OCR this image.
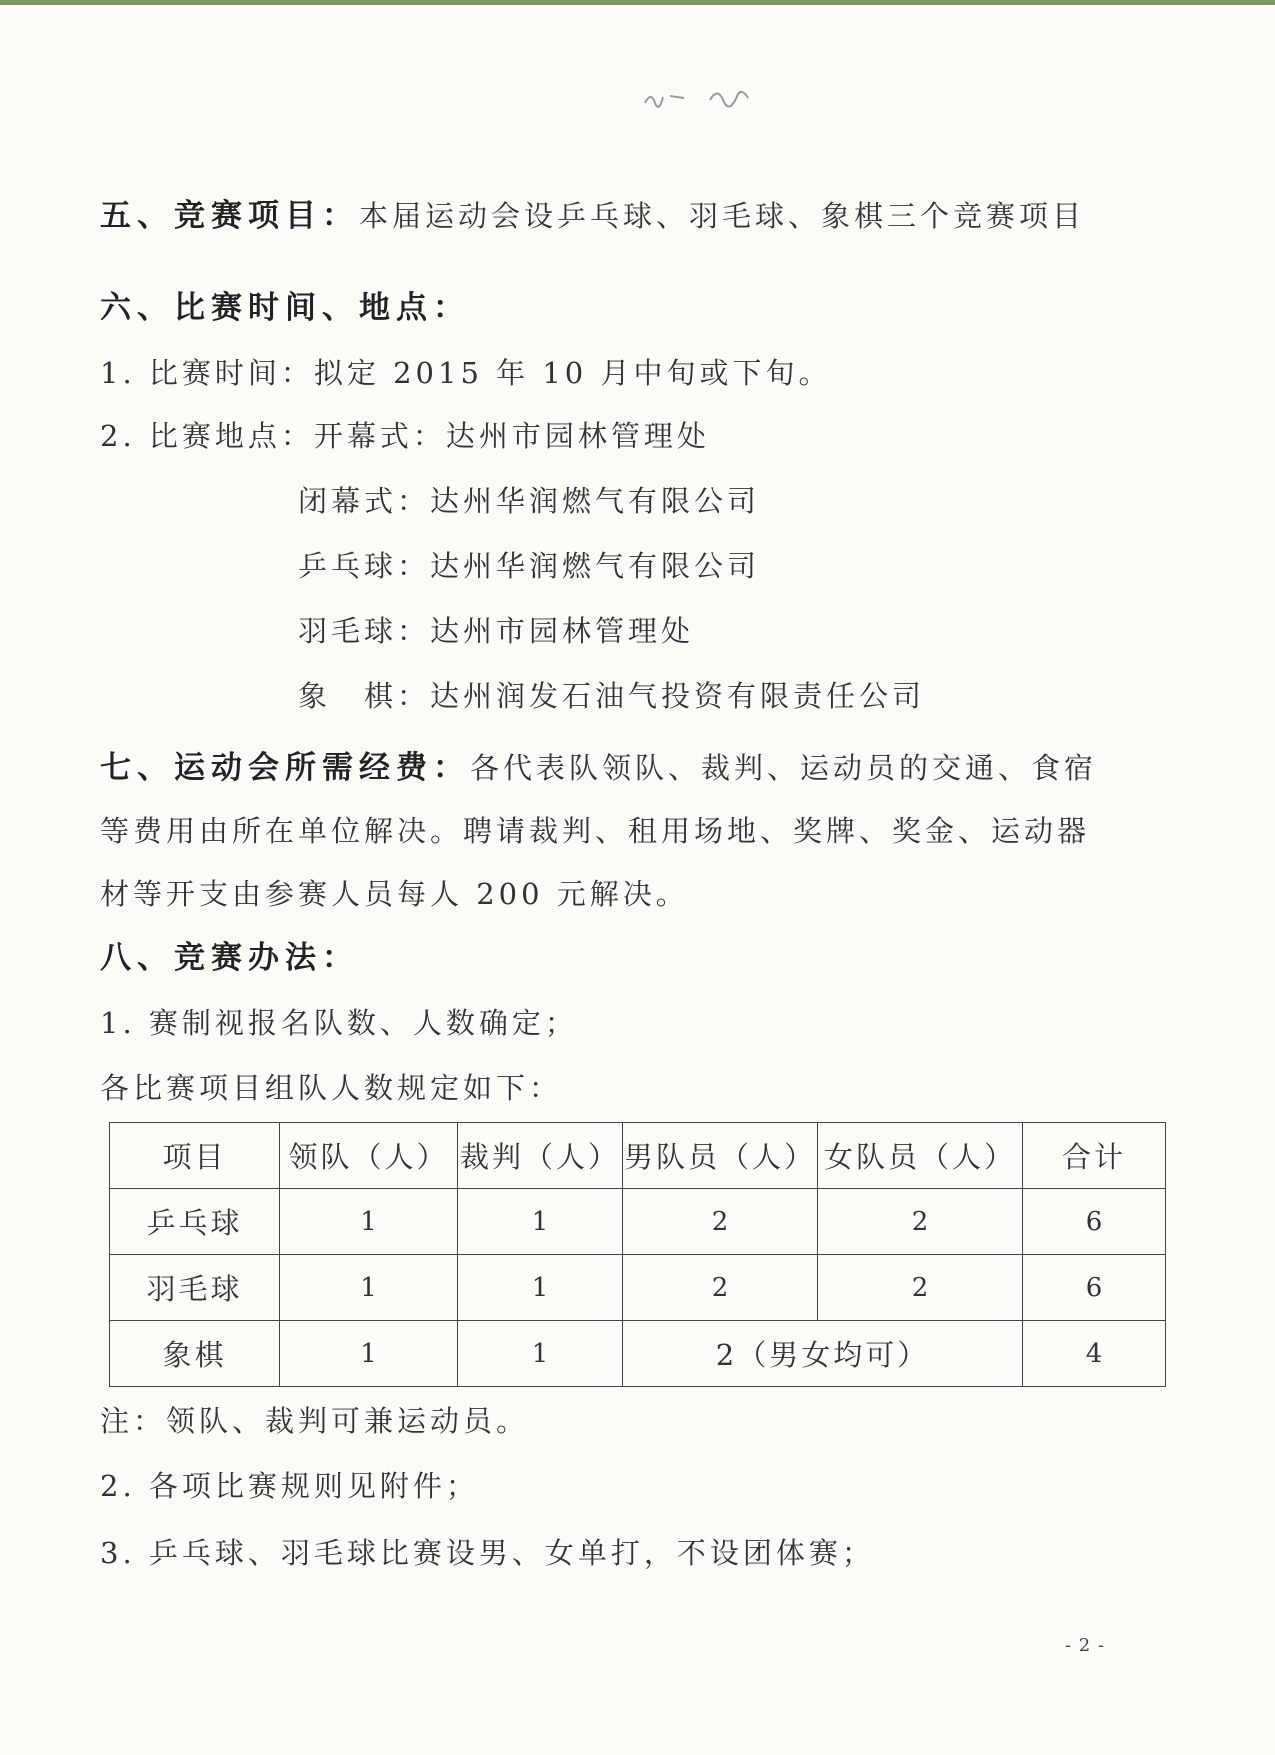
五、竞赛项目：本届运动会设乒乓球、羽毛球、象棋三个竞赛项目
六、比赛时间、地点：
1. 比赛时间：拟定 2015 年 10 月中旬或下旬。
2. 比赛地点：开幕式：达州市园林管理处
闭幕式：达州华润燃气有限公司
乒乓球：达州华润燃气有限公司
羽毛球：达州市园林管理处
象　棋：达州润发石油气投资有限责任公司
七、运动会所需经费：各代表队领队、裁判、运动员的交通、食宿
等费用由所在单位解决。聘请裁判、租用场地、奖牌、奖金、运动器
材等开支由参赛人员每人 200 元解决。
八、竞赛办法：
1. 赛制视报名队数、人数确定；
各比赛项目组队人数规定如下：
项目	领队（人）	裁判（人）	男队员（人）	女队员（人）	合计
乒乓球	1	1	2	2	6
羽毛球	1	1	2	2	6
象棋	1	1	2（男女均可）		4
注：领队、裁判可兼运动员。
2. 各项比赛规则见附件；
3. 乒乓球、羽毛球比赛设男、女单打，不设团体赛；
- 2 -
